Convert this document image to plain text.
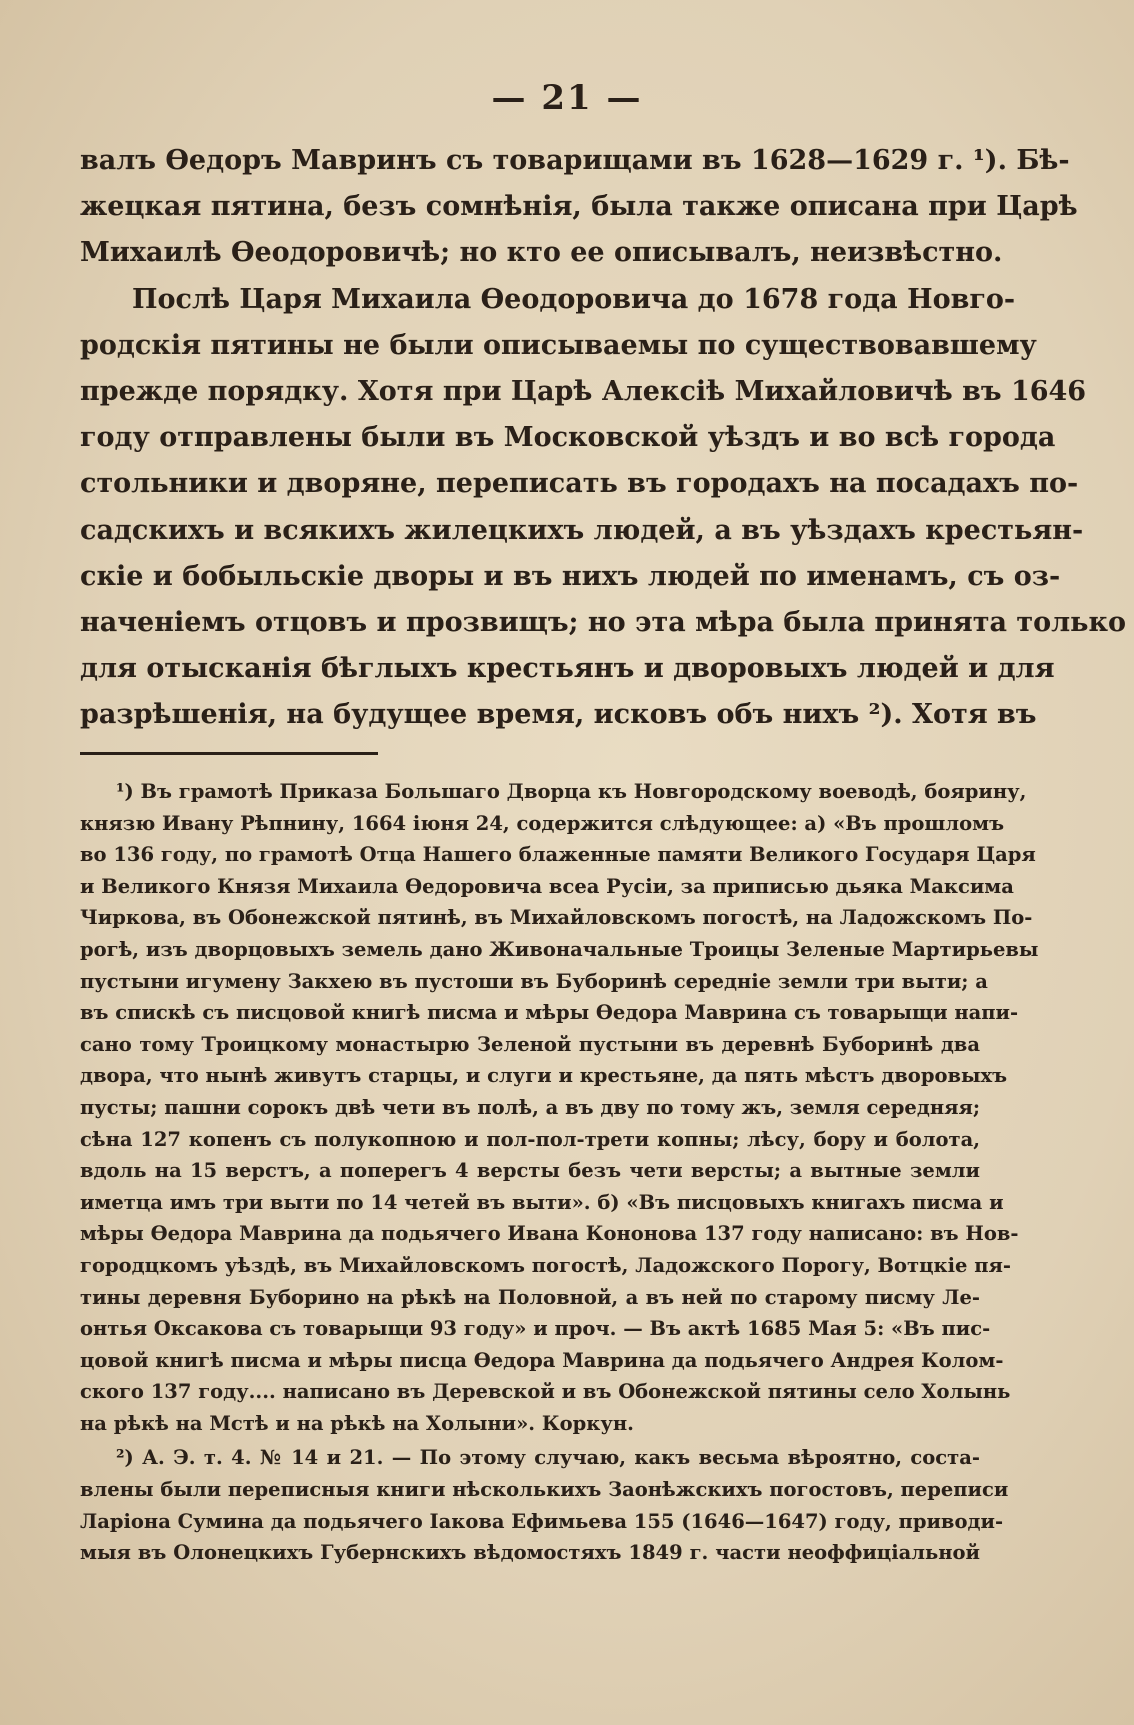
— 21 —
валъ Өедоръ Мавринъ съ товарищами въ 1628—1629 г. ¹). Бѣ-
жецкая пятина, безъ сомнѣнія, была также описана при Царѣ
Михаилѣ Өеодоровичѣ; но кто ее описывалъ, неизвѣстно.
Послѣ Царя Михаила Өеодоровича до 1678 года Новго-
родскія пятины не были описываемы по существовавшему
прежде порядку. Хотя при Царѣ Алексіѣ Михайловичѣ въ 1646
году отправлены были въ Московской уѣздъ и во всѣ города
стольники и дворяне, переписать въ городахъ на посадахъ по-
садскихъ и всякихъ жилецкихъ людей, а въ уѣздахъ крестьян-
скіе и бобыльскіе дворы и въ нихъ людей по именамъ, съ оз-
наченіемъ отцовъ и прозвищъ; но эта мѣра была принята только
для отысканія бѣглыхъ крестьянъ и дворовыхъ людей и для
разрѣшенія, на будущее время, исковъ объ нихъ ²). Хотя въ
¹) Въ грамотѣ Приказа Большаго Дворца къ Новгородскому воеводѣ, боярину,
князю Ивану Рѣпнину, 1664 іюня 24, содержится слѣдующее: а) «Въ прошломъ
во 136 году, по грамотѣ Отца Нашего блаженные памяти Великого Государя Царя
и Великого Князя Михаила Өедоровича всеа Русіи, за приписью дьяка Максима
Чиркова, въ Обонежской пятинѣ, въ Михайловскомъ погостѣ, на Ладожскомъ По-
рогѣ, изъ дворцовыхъ земель дано Живоначальные Троицы Зеленые Мартирьевы
пустыни игумену Закхею въ пустоши въ Буборинѣ середніе земли три выти; а
въ спискѣ съ писцовой книгѣ писма и мѣры Өедора Маврина съ товарыщи напи-
сано тому Троицкому монастырю Зеленой пустыни въ деревнѣ Буборинѣ два
двора, что нынѣ живутъ старцы, и слуги и крестьяне, да пять мѣстъ дворовыхъ
пусты; пашни сорокъ двѣ чети въ полѣ, а въ дву по тому жъ, земля середняя;
сѣна 127 копенъ съ полукопною и пол-пол-трети копны; лѣсу, бору и болота,
вдоль на 15 верстъ, а поперегъ 4 версты безъ чети версты; а вытные земли
иметца имъ три выти по 14 четей въ выти». б) «Въ писцовыхъ книгахъ писма и
мѣры Өедора Маврина да подьячего Ивана Кононова 137 году написано: въ Нов-
городцкомъ уѣздѣ, въ Михайловскомъ погостѣ, Ладожского Порогу, Вотцкіе пя-
тины деревня Буборино на рѣкѣ на Половной, а въ ней по старому писму Ле-
онтья Оксакова съ товарыщи 93 году» и проч. — Въ актѣ 1685 Мая 5: «Въ пис-
цовой книгѣ писма и мѣры писца Өедора Маврина да подьячего Андрея Колом-
ского 137 году.... написано въ Деревской и въ Обонежской пятины село Холынь
на рѣкѣ на Мстѣ и на рѣкѣ на Холыни». Коркун.
²) А. Э. т. 4. № 14 и 21. — По этому случаю, какъ весьма вѣроятно, соста-
влены были переписныя книги нѣсколькихъ Заонѣжскихъ погостовъ, переписи
Ларіона Сумина да подьячего Іакова Ефимьева 155 (1646—1647) году, приводи-
мыя въ Олонецкихъ Губернскихъ вѣдомостяхъ 1849 г. части неоффиціальной
